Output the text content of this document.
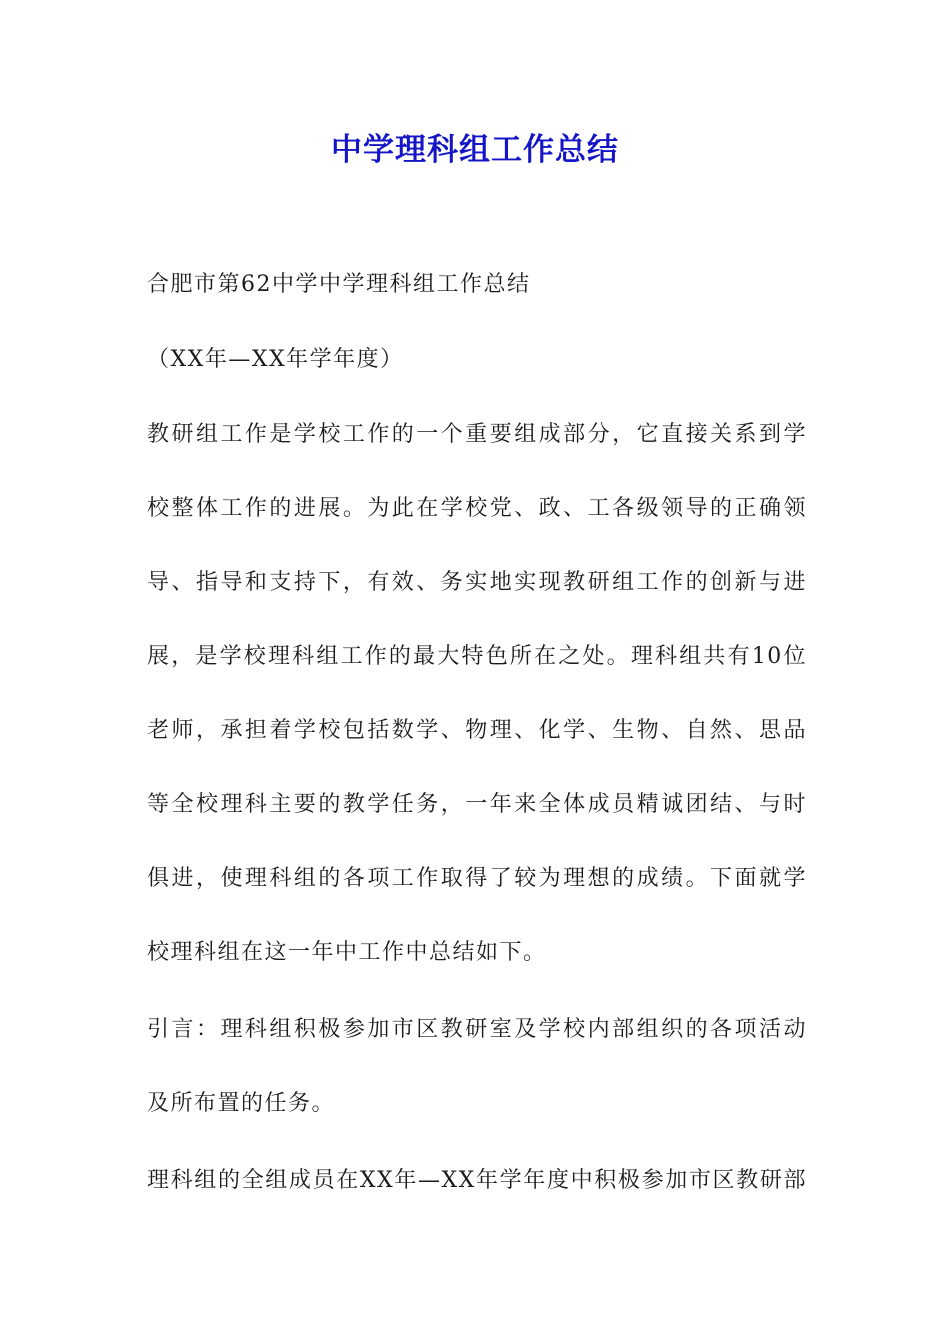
中学理科组工作总结

合肥市第62中学中学理科组工作总结

（XX年—XX年学年度）

教研组工作是学校工作的一个重要组成部分，它直接关系到学

校整体工作的进展。为此在学校党、政、工各级领导的正确领

导、指导和支持下，有效、务实地实现教研组工作的创新与进

展，是学校理科组工作的最大特色所在之处。理科组共有10位

老师，承担着学校包括数学、物理、化学、生物、自然、思品

等全校理科主要的教学任务，一年来全体成员精诚团结、与时

俱进，使理科组的各项工作取得了较为理想的成绩。下面就学

校理科组在这一年中工作中总结如下。

引言：理科组积极参加市区教研室及学校内部组织的各项活动

及所布置的任务。

理科组的全组成员在XX年—XX年学年度中积极参加市区教研部
